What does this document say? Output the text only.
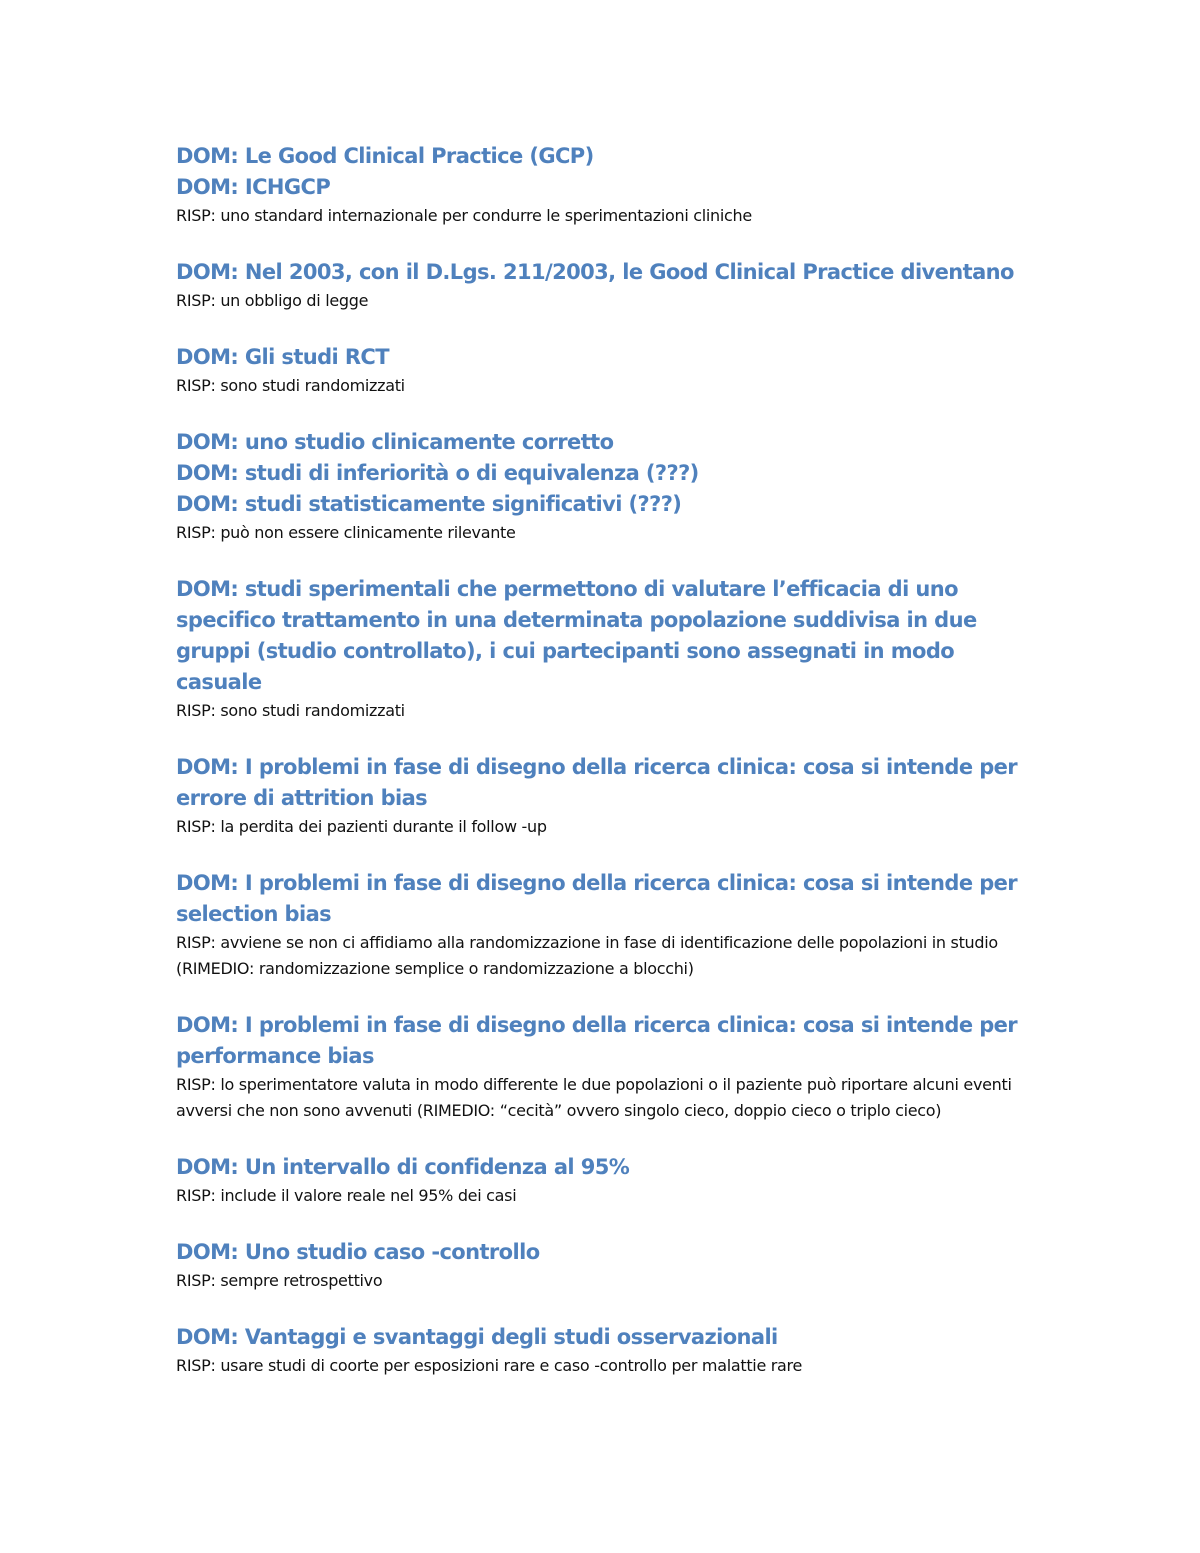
DOM: Le Good Clinical Practice (GCP)

DOM: ICHGCP

RISP: uno standard internazionale per condurre le sperimentazioni cliniche

DOM: Nel 2003, con il D.Lgs. 211/2003, le Good Clinical Practice diventano

RISP: un obbligo di legge

DOM: Gli studi RCT

RISP: sono studi randomizzati

DOM: uno studio clinicamente corretto

DOM: studi di inferiorità o di equivalenza (???)

DOM: studi statisticamente significativi (???)

RISP: può non essere clinicamente rilevante

DOM: studi sperimentali che permettono di valutare l’efficacia di uno specifico trattamento in una determinata popolazione suddivisa in due gruppi (studio controllato), i cui partecipanti sono assegnati in modo casuale

RISP: sono studi randomizzati

DOM: I problemi in fase di disegno della ricerca clinica: cosa si intende per errore di attrition bias

RISP: la perdita dei pazienti durante il follow -up

DOM: I problemi in fase di disegno della ricerca clinica: cosa si intende per selection bias

RISP: avviene se non ci affidiamo alla randomizzazione in fase di identificazione delle popolazioni in studio (RIMEDIO: randomizzazione semplice o randomizzazione a blocchi)

DOM: I problemi in fase di disegno della ricerca clinica: cosa si intende per performance bias

RISP: lo sperimentatore valuta in modo differente le due popolazioni o il paziente può riportare alcuni eventi avversi che non sono avvenuti (RIMEDIO: “cecità” ovvero singolo cieco, doppio cieco o triplo cieco)

DOM: Un intervallo di confidenza al 95%

RISP: include il valore reale nel 95% dei casi

DOM: Uno studio caso -controllo

RISP: sempre retrospettivo

DOM: Vantaggi e svantaggi degli studi osservazionali

RISP: usare studi di coorte per esposizioni rare e caso -controllo per malattie rare
